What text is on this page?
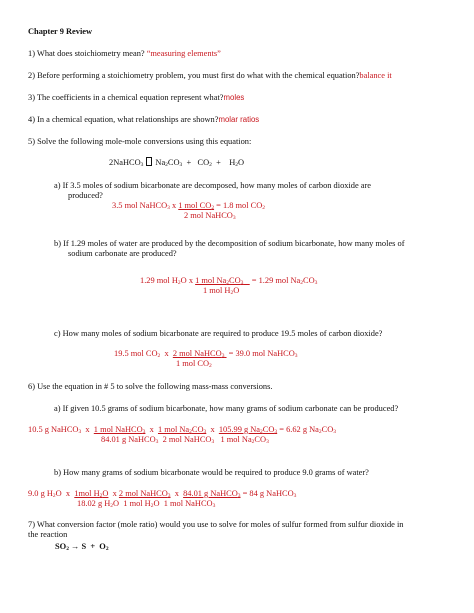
Chapter 9 Review
1) What does stoichiometry mean? “measuring elements”
2) Before performing a stoichiometry problem, you must first do what with the chemical equation?balance it
3) The coefficients in a chemical equation represent what?moles
4) In a chemical equation, what relationships are shown?molar ratios
5) Solve the following mole-mole conversions using this equation:
2NaHCO$_3$ $Na_2CO_3 + CO_2 + H_2O$
a) If 3.5 moles of sodium bicarbonate are decomposed, how many moles of carbon dioxide are
produced?
3.5 mol NaHCO$_3$ x 1 mol $CO_2 = 1.8$ mol $CO_2$
2 mol NaHCO$_3$
b) If 1.29 moles of water are produced by the decomposition of sodium bicarbonate, how many moles of
sodium carbonate are produced?
1.29 mol $H_2O$ x 1 mol $Na_2CO_3$    = 1.29 mol $Na_2CO_3$
1 mol $H_2O$
c) How many moles of sodium bicarbonate are required to produce 19.5 moles of carbon dioxide?
19.5 mol $CO_2$  x  2 mol NaHCO$_3$  = 39.0 mol NaHCO$_3$
1 mol $CO_2$
6) Use the equation in # 5 to solve the following mass-mass conversions.
a) If given 10.5 grams of sodium bicarbonate, how many grams of sodium carbonate can be produced?
10.5 g NaHCO$_3$ x 1 mol NaHCO$_3$ x 1 mol $Na_2CO_3$ x 105.99 g $Na_2CO_3 = 6.62$ g $Na_2CO_3$
84.01 g NaHCO$_3$ 2 mol NaHCO$_3$ 1 mol $Na_2CO_3$
b) How many grams of sodium bicarbonate would be required to produce 9.0 grams of water?
9.0 g $H_2O$ x 1mol $H_2O$ x 2 mol NaHCO$_3$ x 84.01 g NaHCO$_3$ = 84 g NaHCO$_3$
18.02 g $H_2O$ 1 mol $H_2O$ 1 mol NaHCO$_3$
7) What conversion factor (mole ratio) would you use to solve for moles of sulfur formed from sulfur dioxide in
the reaction
$SO_2 \to S + O_2$
